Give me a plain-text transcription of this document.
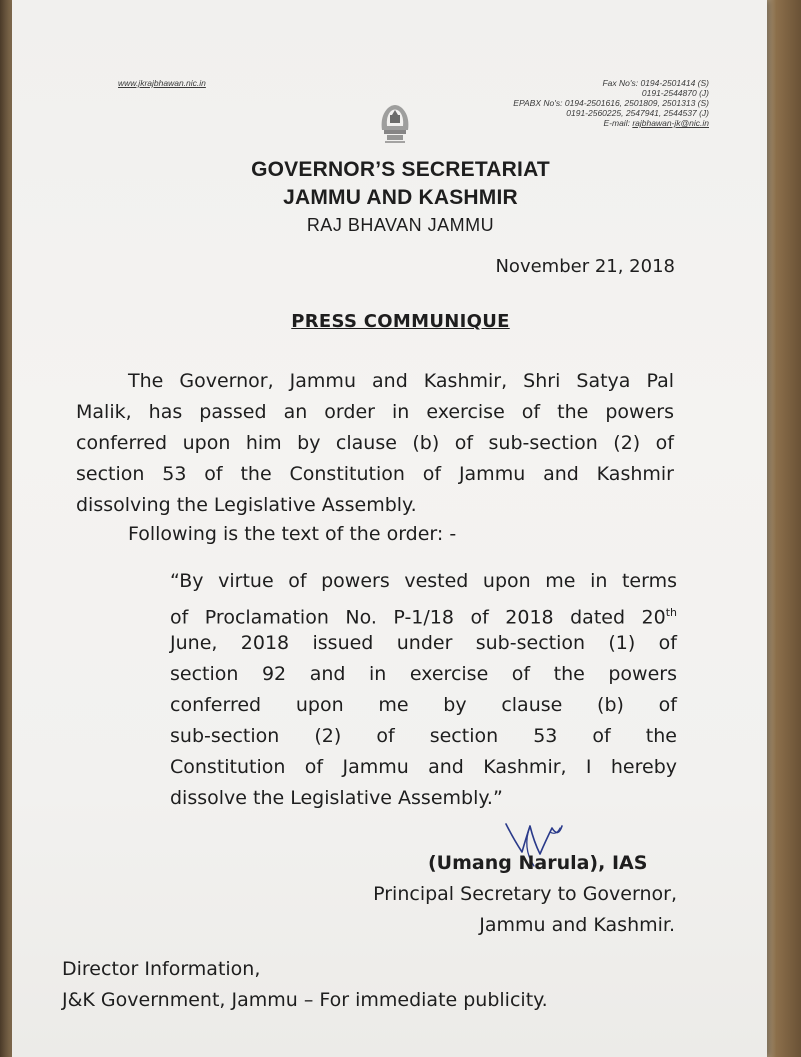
www.jkrajbhawan.nic.in	Fax No's: 0194-2501414 (S)
0191-2544870 (J)
EPABX No's: 0194-2501616, 2501809, 2501313 (S)
0191-2560225, 2547941, 2544537 (J)
E-mail: rajbhawan-jk@nic.in
GOVERNOR’S SECRETARIAT
JAMMU AND KASHMIR
RAJ BHAVAN JAMMU
November 21, 2018
PRESS COMMUNIQUE
The Governor, Jammu and Kashmir, Shri Satya Pal
Malik, has passed an order in exercise of the powers
conferred upon him by clause (b) of sub-section (2) of
section 53 of the Constitution of Jammu and Kashmir
dissolving the Legislative Assembly.
Following is the text of the order: -
“By virtue of powers vested upon me in terms
of Proclamation No. P-1/18 of 2018 dated 20th
June, 2018 issued under sub-section (1) of
section 92 and in exercise of the powers
conferred upon me by clause (b) of
sub-section (2) of section 53 of the
Constitution of Jammu and Kashmir, I hereby
dissolve the Legislative Assembly.”
(Umang Narula), IAS
Principal Secretary to Governor,
Jammu and Kashmir.
Director Information,
J&K Government, Jammu – For immediate publicity.
